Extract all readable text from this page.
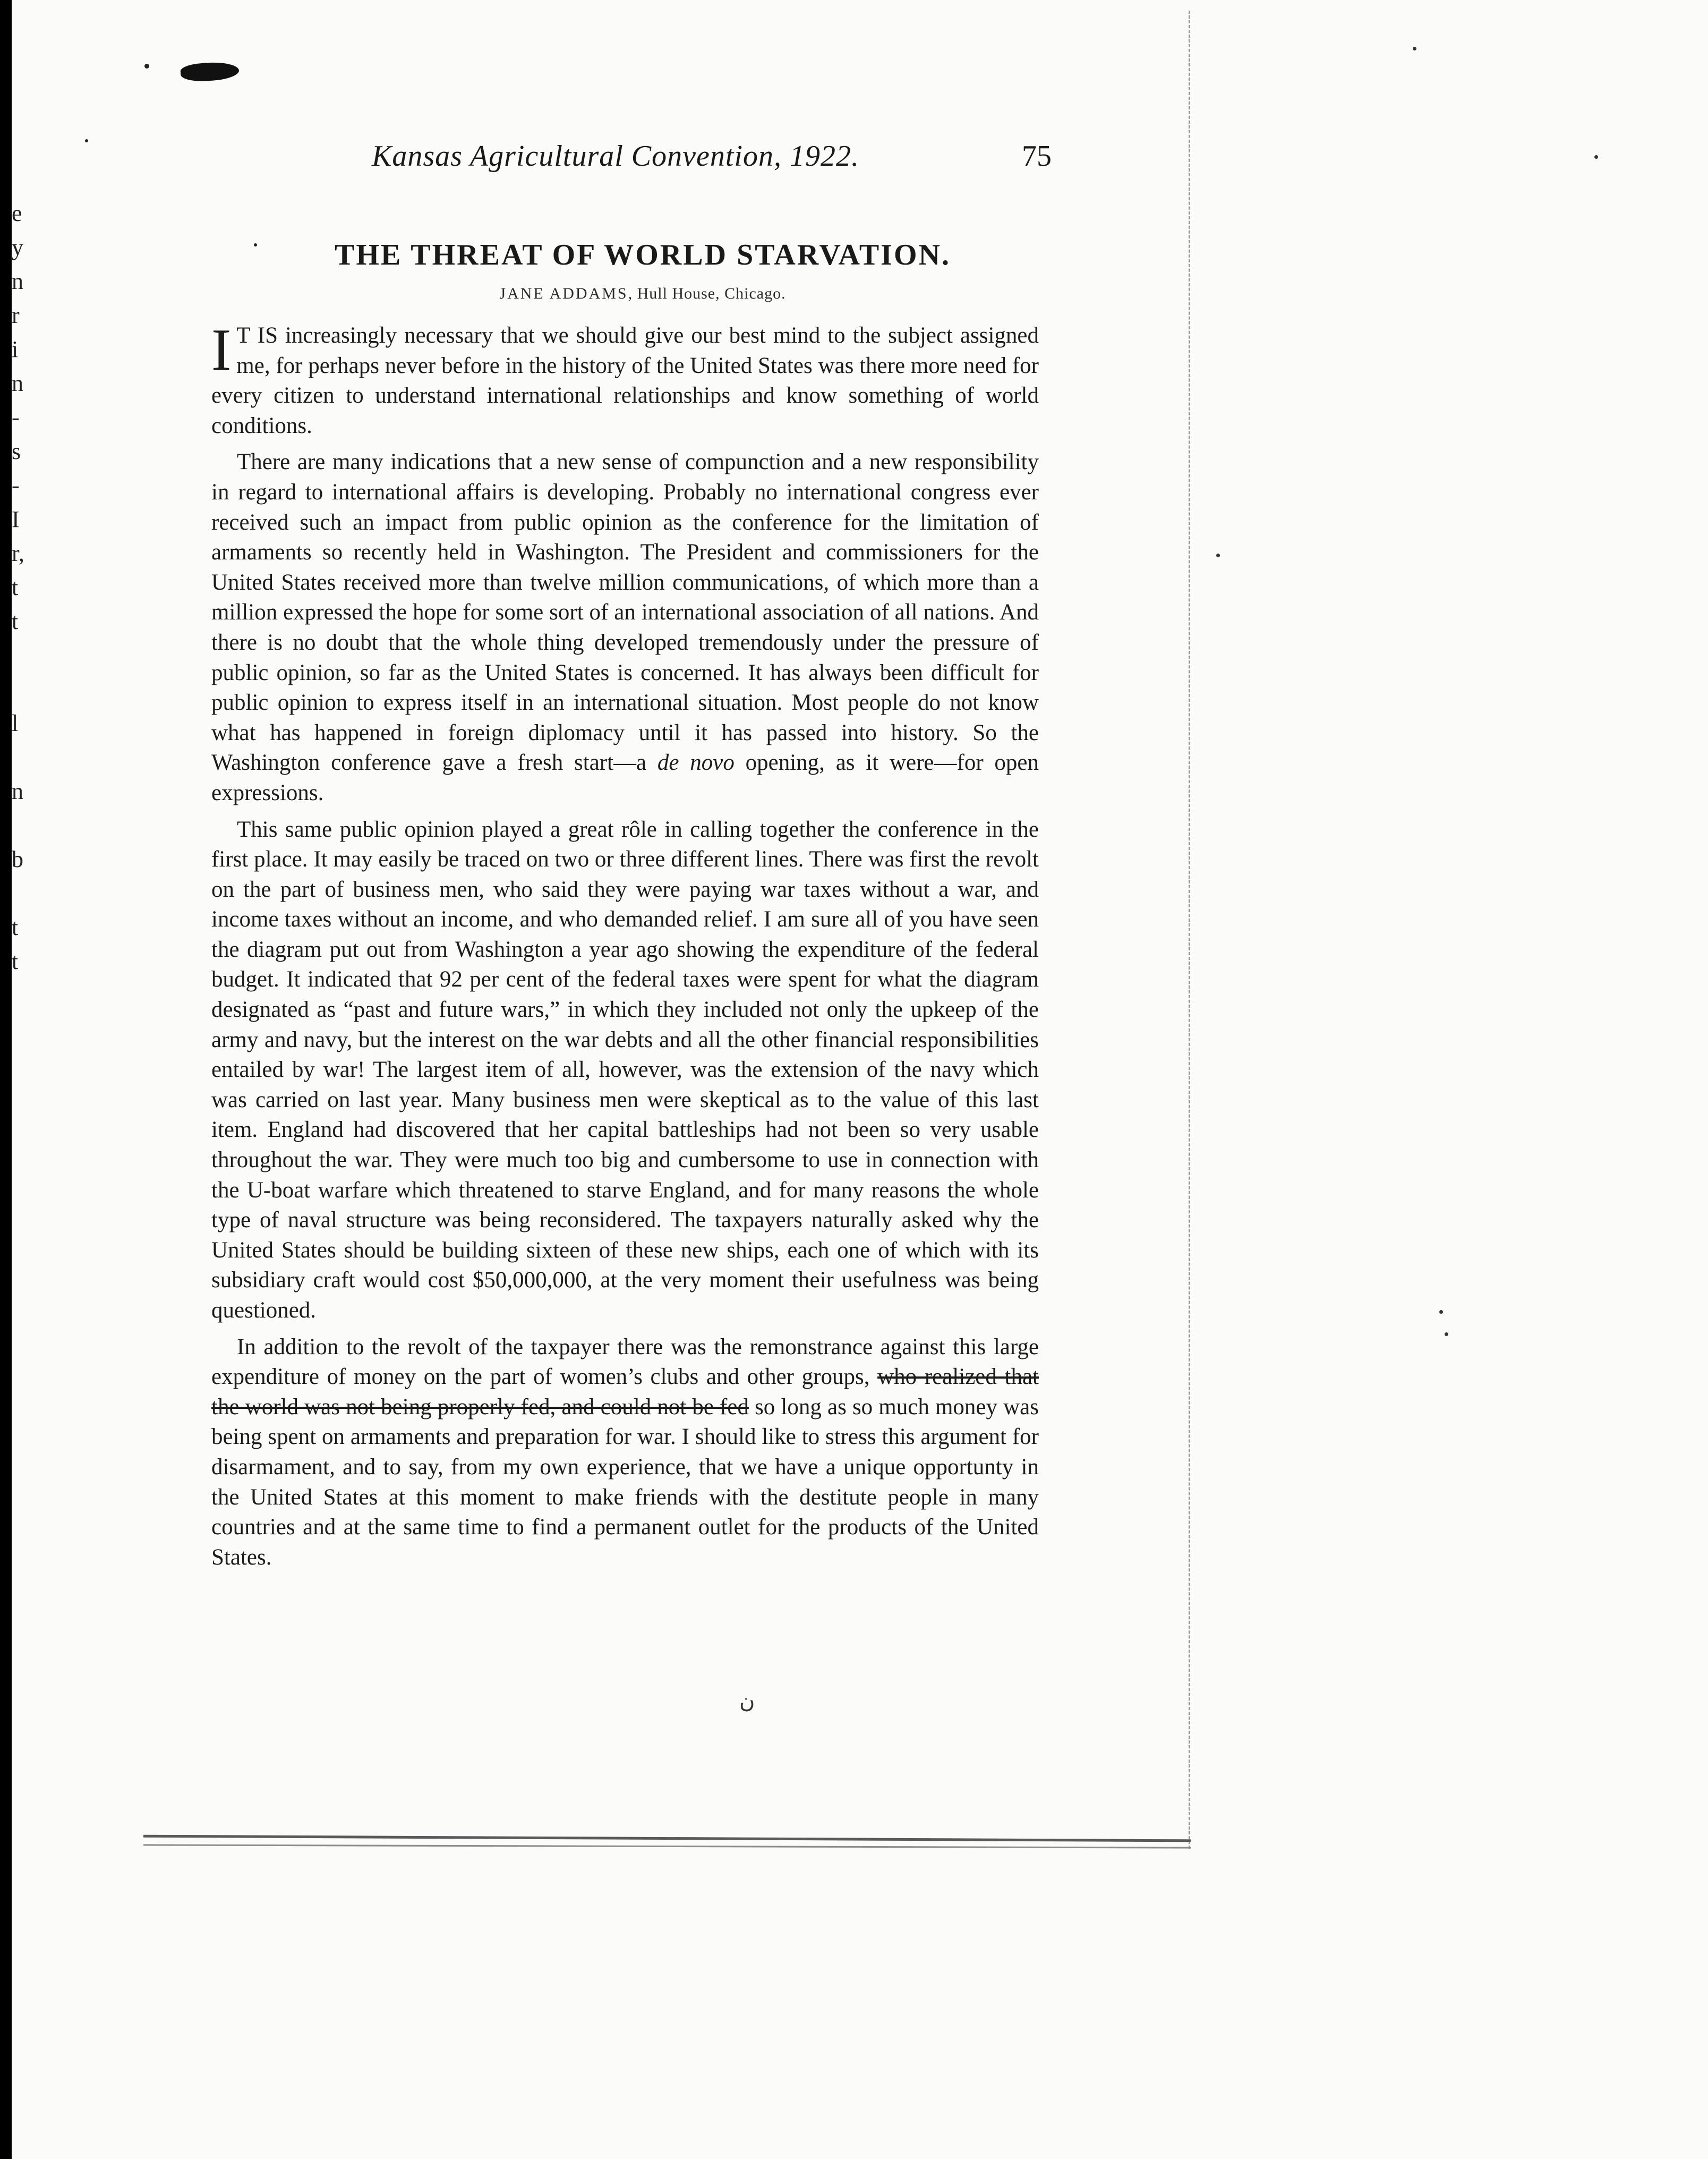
e
y
n
r
i
n
-
s
-
I
r,
t
t

l

n

b

t
t
Kansas Agricultural Convention, 1922.	75
THE THREAT OF WORLD STARVATION.
JANE ADDAMS, Hull House, Chicago.

I T IS increasingly necessary that we should give our best mind to the subject assigned me, for perhaps never before in the history of the United States was there more need for every citizen to understand international relationships and know something of world conditions.

There are many indications that a new sense of compunction and a new responsibility in regard to international affairs is developing. Probably no international congress ever received such an impact from public opinion as the conference for the limitation of armaments so recently held in Washington. The President and commissioners for the United States received more than twelve million communications, of which more than a million expressed the hope for some sort of an international association of all nations. And there is no doubt that the whole thing developed tremendously under the pressure of public opinion, so far as the United States is concerned. It has always been difficult for public opinion to express itself in an international situation. Most people do not know what has happened in foreign diplomacy until it has passed into history. So the Washington conference gave a fresh start—a de novo opening, as it were—for open expressions.

This same public opinion played a great rôle in calling together the conference in the first place. It may easily be traced on two or three different lines. There was first the revolt on the part of business men, who said they were paying war taxes without a war, and income taxes without an income, and who demanded relief. I am sure all of you have seen the diagram put out from Washington a year ago showing the expenditure of the federal budget. It indicated that 92 per cent of the federal taxes were spent for what the diagram designated as “past and future wars,” in which they included not only the upkeep of the army and navy, but the interest on the war debts and all the other financial responsibilities entailed by war! The largest item of all, however, was the extension of the navy which was carried on last year. Many business men were skeptical as to the value of this last item. England had discovered that her capital battleships had not been so very usable throughout the war. They were much too big and cumbersome to use in connection with the U-boat warfare which threatened to starve England, and for many reasons the whole type of naval structure was being reconsidered. The taxpayers naturally asked why the United States should be building sixteen of these new ships, each one of which with its subsidiary craft would cost $50,000,000, at the very moment their usefulness was being questioned.

In addition to the revolt of the taxpayer there was the remonstrance against this large expenditure of money on the part of women’s clubs and other groups, who realized that the world was not being properly fed, and could not be fed so long as so much money was being spent on armaments and preparation for war. I should like to stress this argument for disarmament, and to say, from my own experience, that we have a unique opportunty in the United States at this moment to make friends with the destitute people in many countries and at the same time to find a permanent outlet for the products of the United States.

ن
